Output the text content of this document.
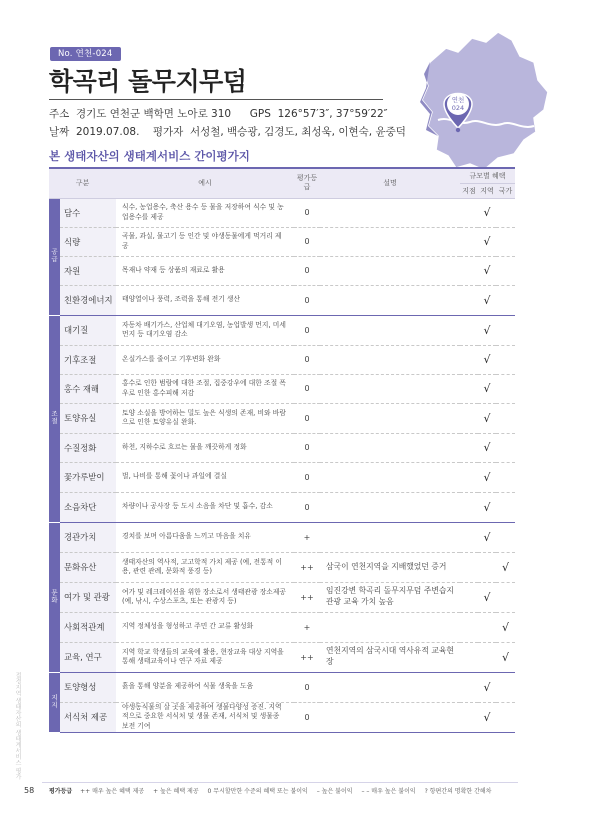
No. 연천-024
학곡리 돌무지무덤
주소 경기도 연천군 백학면 노아로 310 GPS 126°57′3″, 37°59′22″
날짜 2019.07.08. 평가자 서성철, 백승광, 김경도, 최성욱, 이현숙, 윤중덕
연천
024
본 생태자산의 생태계서비스 간이평가지
구분		예시	평가등급	설명	규모별 혜택		
					지점	지역	국가
공급	담수	식수, 농업용수, 축산 용수 등 물을 저장하여 식수 및 농업용수를 제공	0			√	
	식량	곡물, 과실, 물고기 등 인간 및 야생동물에게 먹거리 제공	0			√	
	자원	목재나 약재 등 상품의 재료로 활용	0			√	
	친환경에너지	태양열이나 풍력, 조력을 통해 전기 생산	0			√	
조절	대기질	자동차 배기가스, 산업체 대기오염, 농업발생 먼지, 미세먼지 등 대기오염 감소	0			√	
	기후조절	온실가스를 줄이고 기후변화 완화	0			√	
	홍수 재해	홍수로 인한 범람에 대한 조절, 집중강우에 대한 조절 폭우로 인한 홍수피해 저감	0			√	
	토양유실	토양 소실을 방어하는 밀도 높은 식생의 존재, 비와 바람으로 인한 토양유실 완화.	0			√	
	수질정화	하천, 지하수로 흐르는 물을 깨끗하게 정화	0			√	
	꽃가루받이	벌, 나비를 통해 꽃이나 과일에 결실	0			√	
	소음차단	차량이나 공사장 등 도시 소음을 차단 및 흡수, 감소	0			√	
문화	경관가치	경치를 보며 아름다움을 느끼고 마음을 치유	+			√	
	문화유산	생태자산의 역사적, 고고학적 가치 제공 (예, 전통적 이용, 관련 관례, 문화적 풍경 등)	++	삼국이 연천지역을 지배했었던 증거			√
	여가 및 관광	여가 및 레크레이션을 위한 장소로서 생태관광 장소제공 (예, 낚시, 수상스포츠, 또는 관광지 등)	++	임진강변 학곡리 돌무지무덤 주변습지 관광 교육 가치 높음		√	
	사회적관계	지역 정체성을 형성하고 주민 간 교류 활성화	+				√
	교육, 연구	지역 학교 학생들의 교육에 활용, 현장교육 대상 지역을 통해 생태교육이나 연구 자료 제공	++	연천지역의 삼국시대 역사유적 교육현장			√
지지	토양형성	흙을 통해 양분을 제공하여 식물 생육을 도움	0			√	
	서식처 제공	야생동식물의 살 곳을 제공하여 생물다양성 증진. 지역적으로 중요한 서식처 및 생물 존재, 서식처 및 생물종 보전 기여	0			√	
접경지역 생태자산의 생태계서비스 평가
58 평가등급 ++ 매우 높은 혜택 제공 + 높은 혜택 제공 0 무시할만한 수준의 혜택 또는 불이익 – 높은 불이익 – – 매우 높은 불이익 ? 항편간의 명확한 간해차
